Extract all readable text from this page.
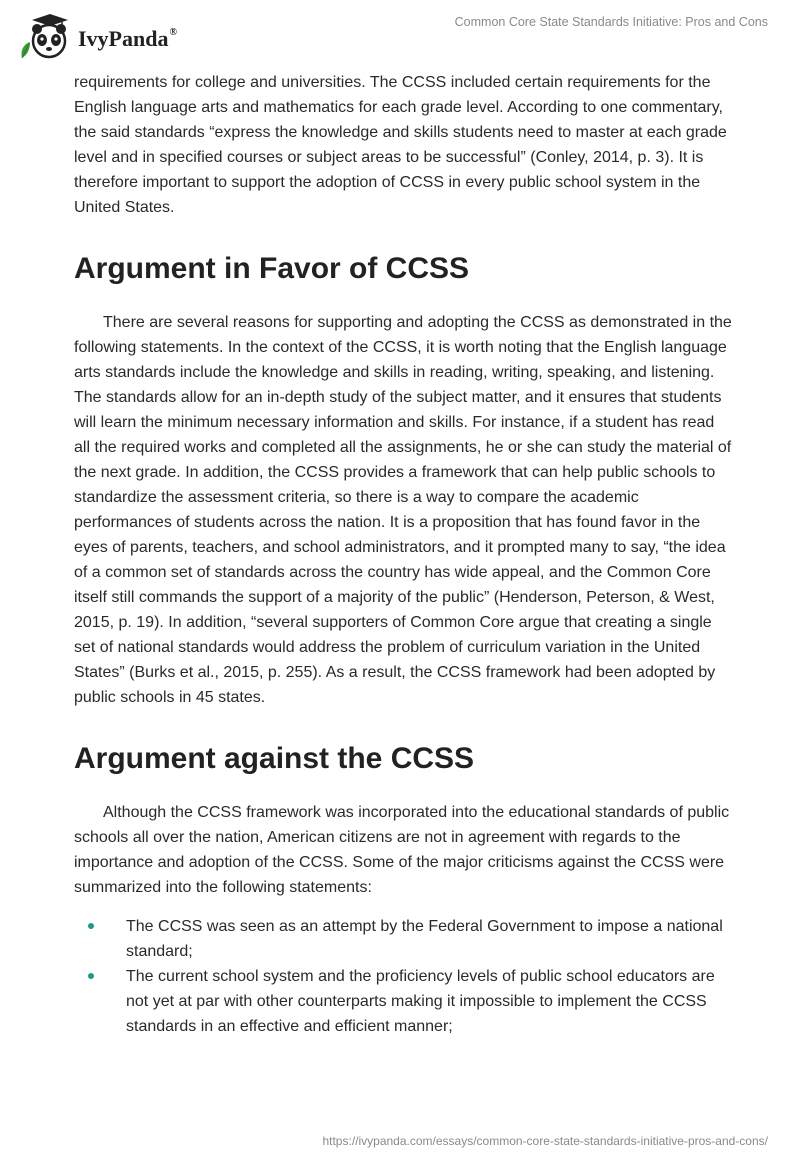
IvyPanda®
Common Core State Standards Initiative: Pros and Cons

requirements for college and universities. The CCSS included certain requirements for the English language arts and mathematics for each grade level. According to one commentary, the said standards “express the knowledge and skills students need to master at each grade level and in specified courses or subject areas to be successful” (Conley, 2014, p. 3). It is therefore important to support the adoption of CCSS in every public school system in the United States.

Argument in Favor of CCSS

There are several reasons for supporting and adopting the CCSS as demonstrated in the following statements. In the context of the CCSS, it is worth noting that the English language arts standards include the knowledge and skills in reading, writing, speaking, and listening. The standards allow for an in-depth study of the subject matter, and it ensures that students will learn the minimum necessary information and skills. For instance, if a student has read all the required works and completed all the assignments, he or she can study the material of the next grade. In addition, the CCSS provides a framework that can help public schools to standardize the assessment criteria, so there is a way to compare the academic performances of students across the nation. It is a proposition that has found favor in the eyes of parents, teachers, and school administrators, and it prompted many to say, “the idea of a common set of standards across the country has wide appeal, and the Common Core itself still commands the support of a majority of the public” (Henderson, Peterson, & West, 2015, p. 19). In addition, “several supporters of Common Core argue that creating a single set of national standards would address the problem of curriculum variation in the United States” (Burks et al., 2015, p. 255). As a result, the CCSS framework had been adopted by public schools in 45 states.

Argument against the CCSS

Although the CCSS framework was incorporated into the educational standards of public schools all over the nation, American citizens are not in agreement with regards to the importance and adoption of the CCSS. Some of the major criticisms against the CCSS were summarized into the following statements:

The CCSS was seen as an attempt by the Federal Government to impose a national standard;
The current school system and the proficiency levels of public school educators are not yet at par with other counterparts making it impossible to implement the CCSS standards in an effective and efficient manner;
https://ivypanda.com/essays/common-core-state-standards-initiative-pros-and-cons/
